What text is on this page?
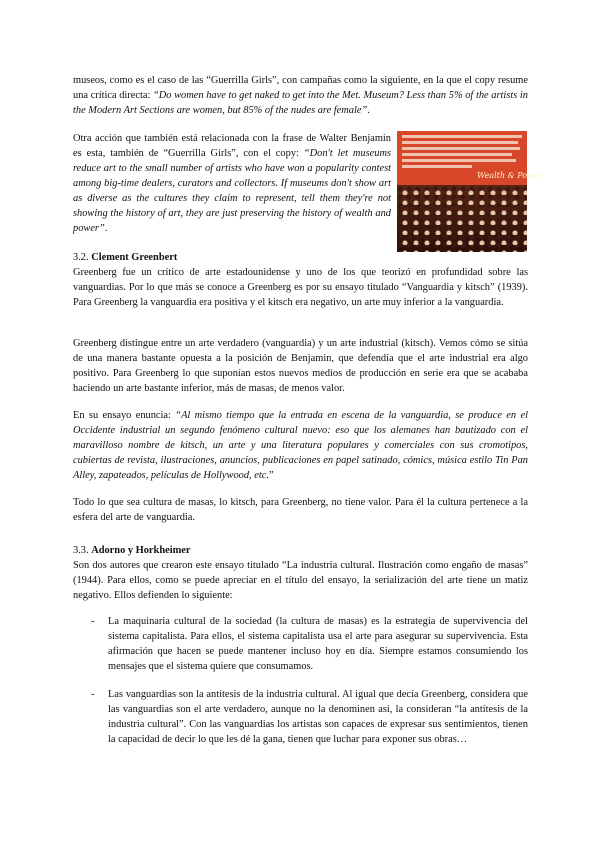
museos, como es el caso de las “Guerrilla Girls”, con campañas como la siguiente, en la que el copy resume una crítica directa: “Do women have to get naked to get into the Met. Museum? Less than 5% of the artists in the Modern Art Sections are women, but 85% of the nudes are female”.

Wealth & Power

Otra acción que también está relacionada con la frase de Walter Benjamin es esta, también de “Guerrilla Girls”, con el copy: “Don't let museums reduce art to the small number of artists who have won a popularity contest among big-time dealers, curators and collectors. If museums don't show art as diverse as the cultures they claim to represent, tell them they're not showing the history of art, they are just preserving the history of wealth and power”.

3.2. Clement Greenbert

Greenberg fue un crítico de arte estadounidense y uno de los que teorizó en profundidad sobre las vanguardias. Por lo que más se conoce a Greenberg es por su ensayo titulado “Vanguardia y kitsch” (1939). Para Greenberg la vanguardia era positiva y el kitsch era negativo, un arte muy inferior a la vanguardia.

Greenberg distingue entre un arte verdadero (vanguardia) y un arte industrial (kitsch). Vemos cómo se sitúa de una manera bastante opuesta a la posición de Benjamin, que defendía que el arte industrial era algo positivo. Para Greenberg lo que suponían estos nuevos medios de producción en serie era que se acababa haciendo un arte bastante inferior, más de masas, de menos valor.

En su ensayo enuncia: “Al mismo tiempo que la entrada en escena de la vanguardia, se produce en el Occidente industrial un segundo fenómeno cultural nuevo: eso que los alemanes han bautizado con el maravilloso nombre de kitsch, un arte y una literatura populares y comerciales con sus cromotipos, cubiertas de revista, ilustraciones, anuncios, publicaciones en papel satinado, cómics, música estilo Tin Pan Alley, zapateados, películas de Hollywood, etc.”

Todo lo que sea cultura de masas, lo kitsch, para Greenberg, no tiene valor. Para él la cultura pertenece a la esfera del arte de vanguardia.

3.3. Adorno y Horkheimer

Son dos autores que crearon este ensayo titulado “La industria cultural. Ilustración como engaño de masas” (1944). Para ellos, como se puede apreciar en el título del ensayo, la serialización del arte tiene un matiz negativo. Ellos defienden lo siguiente:

- La maquinaria cultural de la sociedad (la cultura de masas) es la estrategia de supervivencia del sistema capitalista. Para ellos, el sistema capitalista usa el arte para asegurar su supervivencia. Esta afirmación que hacen se puede mantener incluso hoy en día. Siempre estamos consumiendo los mensajes que el sistema quiere que consumamos.

- Las vanguardias son la antítesis de la industria cultural. Al igual que decía Greenberg, considera que las vanguardias son el arte verdadero, aunque no la denominen así, la consideran “la antítesis de la industria cultural”. Con las vanguardias los artistas son capaces de expresar sus sentimientos, tienen la capacidad de decir lo que les dé la gana, tienen que luchar para exponer sus obras…
